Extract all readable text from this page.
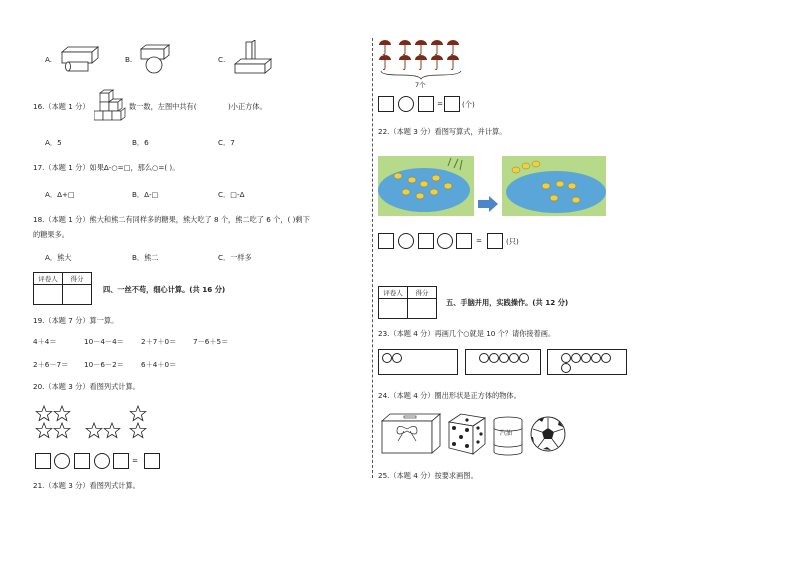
A.	B.	C.
16.（本题 1 分）	数一数，左图中共有(	)小正方体。
A．5	B．6	C．7
17.（本题 1 分）如果Δ-○=□，那么○=( )。
A．Δ+□	B．Δ-□	C．□-Δ
18.（本题 1 分）熊大和熊二有同样多的糖果，熊大吃了 8 个，熊二吃了 6 个，( )剩下
的糖果多。
A．熊大	B．熊二	C．一样多
评卷人	得分

四、一丝不苟，细心计算。(共 16 分)
19.（本题 7 分）算一算。
4＋4＝	10－4－4＝ 2＋7＋0＝ 7－6＋5＝
2＋6－7＝ 10－6－2＝ 6＋4＋0＝
20.（本题 3 分）看图列式计算。
=
21.（本题 3 分）看图列式计算。
7个
=	(个)
22.（本题 3 分）看图写算式，并计算。
=	(只)
评卷人	得分

五、手脑并用，实践操作。(共 12 分)
23.（本题 4 分）再画几个○就是 10 个？请你接着画。
24.（本题 4 分）圈出形状是正方体的物体。
汽油
25.（本题 4 分）按要求画图。
